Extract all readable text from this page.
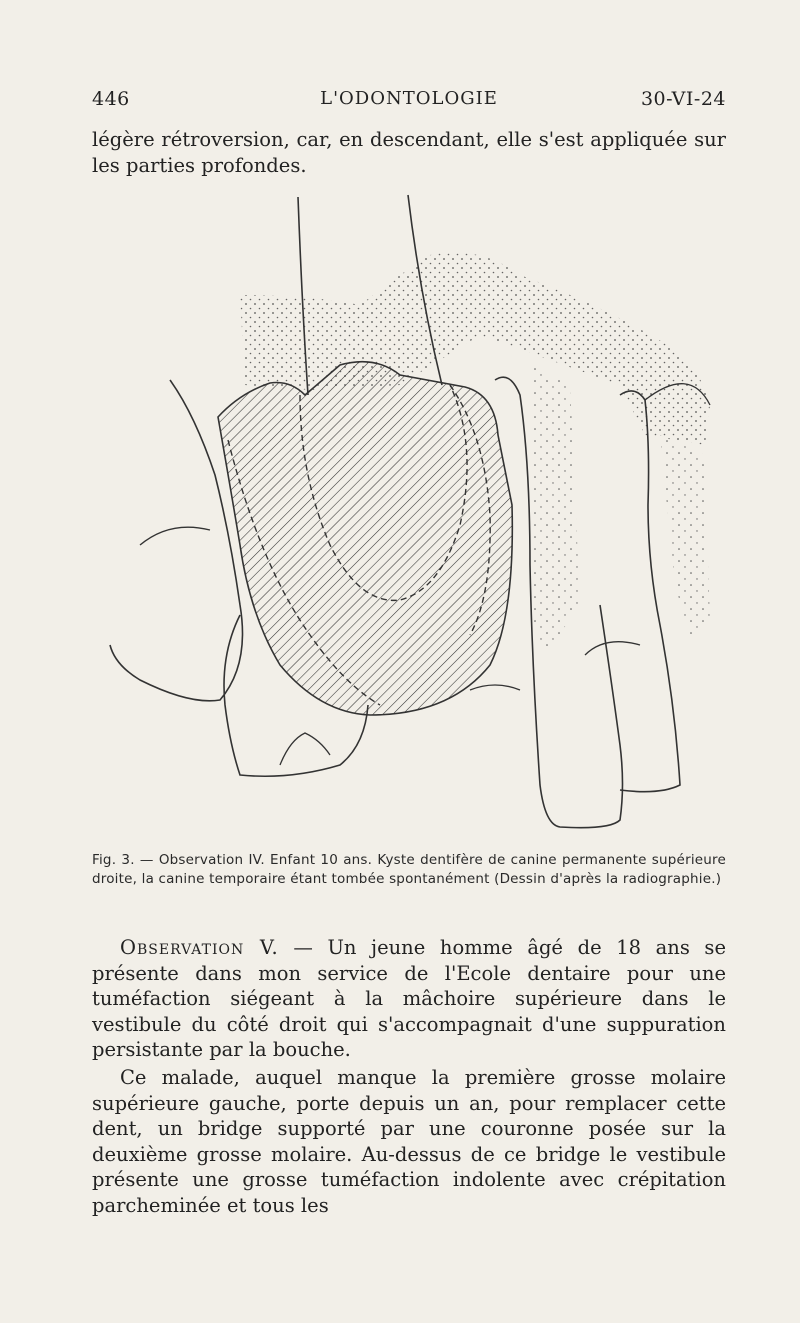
446	L'ODONTOLOGIE	30-VI-24
légère rétroversion, car, en descendant, elle s'est appliquée sur les parties profondes.
Fig. 3. — Observation IV. Enfant 10 ans. Kyste dentifère de canine permanente supérieure droite, la canine temporaire étant tombée spontanément (Dessin d'après la radiographie.)
Observation V. — Un jeune homme âgé de 18 ans se présente dans mon service de l'Ecole dentaire pour une tuméfaction siégeant à la mâchoire supérieure dans le vestibule du côté droit qui s'accompagnait d'une suppuration persistante par la bouche.
Ce malade, auquel manque la première grosse molaire supérieure gauche, porte depuis un an, pour remplacer cette dent, un bridge supporté par une couronne posée sur la deuxième grosse molaire. Au-dessus de ce bridge le vestibule présente une grosse tuméfaction indolente avec crépitation parcheminée et tous les
